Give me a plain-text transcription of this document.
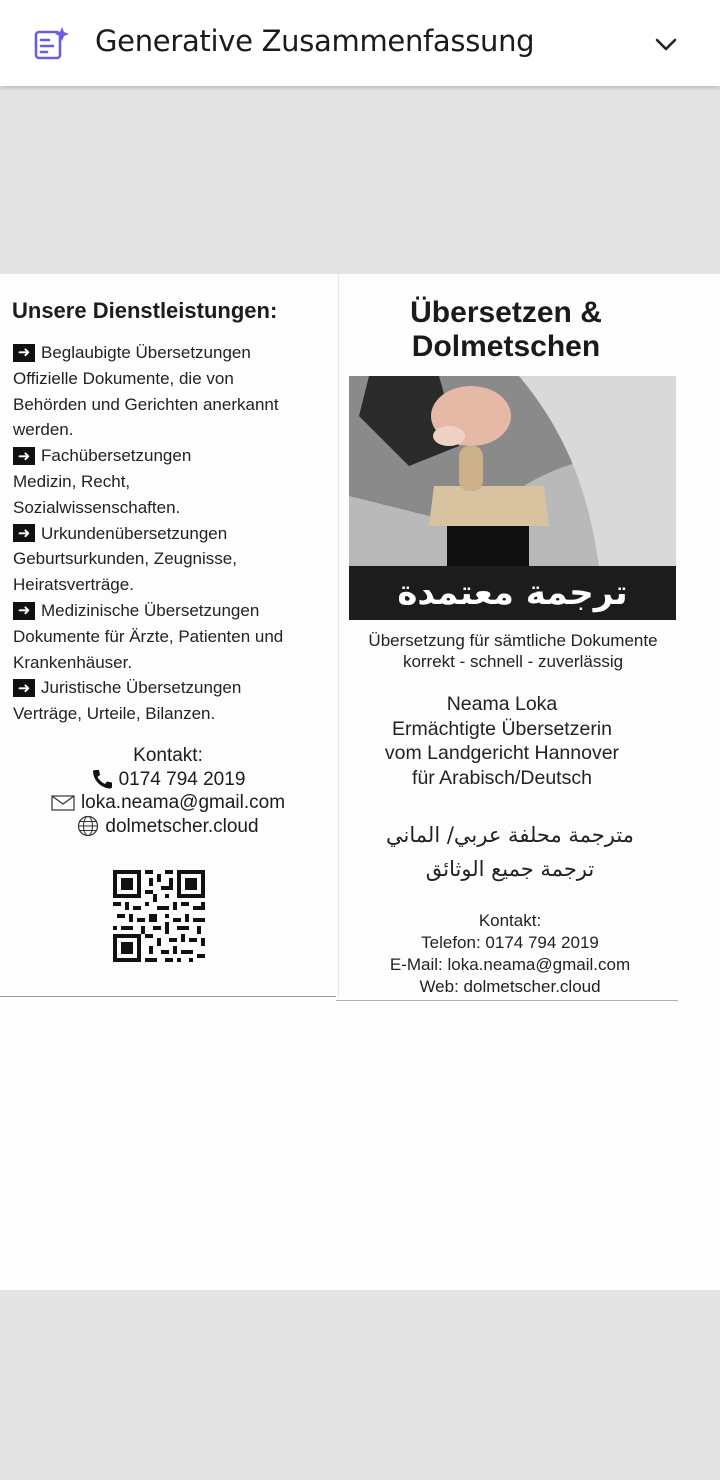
Generative Zusammenfassung
Unsere Dienstleistungen:
➜ Beglaubigte Übersetzungen
Offizielle Dokumente, die von
Behörden und Gerichten anerkannt
werden.
➜ Fachübersetzungen
Medizin, Recht,
Sozialwissenschaften.
➜ Urkundenübersetzungen
Geburtsurkunden, Zeugnisse,
Heiratsverträge.
➜ Medizinische Übersetzungen
Dokumente für Ärzte, Patienten und
Krankenhäuser.
➜ Juristische Übersetzungen
Verträge, Urteile, Bilanzen.
Kontakt:
0174 794 2019
loka.neama@gmail.com
dolmetscher.cloud
Übersetzen &
Dolmetschen
ترجمة معتمدة
Übersetzung für sämtliche Dokumente
korrekt - schnell - zuverlässig
Neama Loka
Ermächtigte Übersetzerin
vom Landgericht Hannover
für Arabisch/Deutsch
مترجمة محلفة عربي/ الماني
ترجمة جميع الوثائق
Kontakt:
Telefon: 0174 794 2019
E-Mail: loka.neama@gmail.com
Web: dolmetscher.cloud
